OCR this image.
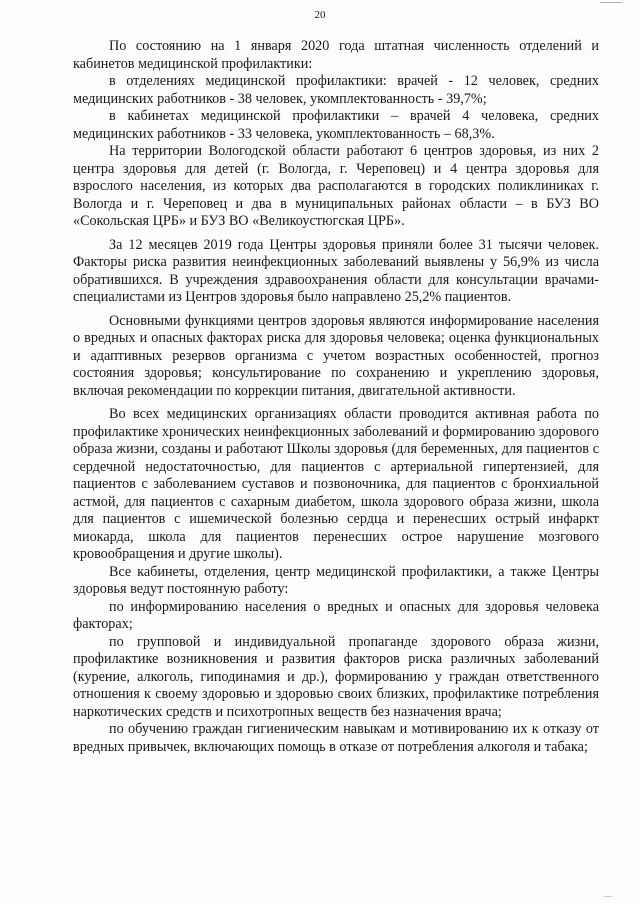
20

По состоянию на 1 января 2020 года штатная численность отделений и кабинетов медицинской профилактики:

в отделениях медицинской профилактики: врачей - 12 человек, средних медицинских работников - 38 человек, укомплектованность - 39,7%;

в кабинетах медицинской профилактики – врачей 4 человека, средних медицинских работников - 33 человека, укомплектованность – 68,3%.

На территории Вологодской области работают 6 центров здоровья, из них 2 центра здоровья для детей (г. Вологда, г. Череповец) и 4 центра здоровья для взрослого населения, из которых два располагаются в городских поликлиниках г. Вологда и г. Череповец и два в муниципальных районах области – в БУЗ ВО «Сокольская ЦРБ» и БУЗ ВО «Великоустюгская ЦРБ».

За 12 месяцев 2019 года Центры здоровья приняли более 31 тысячи человек. Факторы риска развития неинфекционных заболеваний выявлены у 56,9% из числа обратившихся. В учреждения здравоохранения области для консультации врачами-специалистами из Центров здоровья было направлено 25,2% пациентов.

Основными функциями центров здоровья являются информирование населения о вредных и опасных факторах риска для здоровья человека; оценка функциональных и адаптивных резервов организма с учетом возрастных особенностей, прогноз состояния здоровья; консультирование по сохранению и укреплению здоровья, включая рекомендации по коррекции питания, двигательной активности.

Во всех медицинских организациях области проводится активная работа по профилактике хронических неинфекционных заболеваний и формированию здорового образа жизни, созданы и работают Школы здоровья (для беременных, для пациентов с сердечной недостаточностью, для пациентов с артериальной гипертензией, для пациентов с заболеванием суставов и позвоночника, для пациентов с бронхиальной астмой, для пациентов с сахарным диабетом, школа здорового образа жизни, школа для пациентов с ишемической болезнью сердца и перенесших острый инфаркт миокарда, школа для пациентов перенесших острое нарушение мозгового кровообращения и другие школы).

Все кабинеты, отделения, центр медицинской профилактики, а также Центры здоровья ведут постоянную работу:

по информированию населения о вредных и опасных для здоровья человека факторах;

по групповой и индивидуальной пропаганде здорового образа жизни, профилактике возникновения и развития факторов риска различных заболеваний (курение, алкоголь, гиподинамия и др.), формированию у граждан ответственного отношения к своему здоровью и здоровью своих близких, профилактике потребления наркотических средств и психотропных веществ без назначения врача;

по обучению граждан гигиеническим навыкам и мотивированию их к отказу от вредных привычек, включающих помощь в отказе от потребления алкоголя и табака;
